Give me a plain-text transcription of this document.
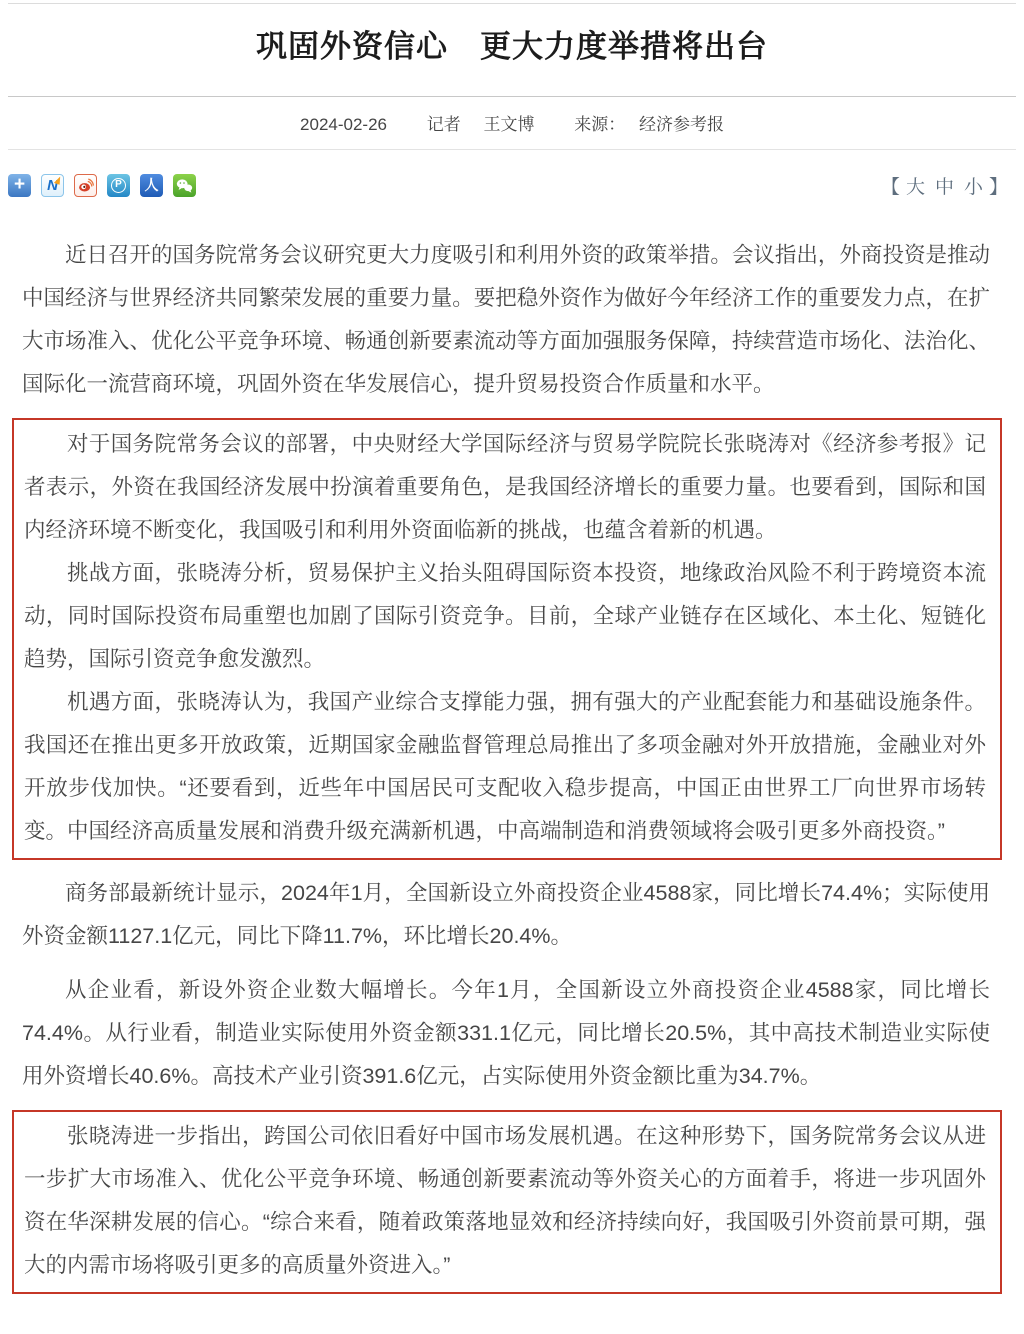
巩固外资信心　更大力度举措将出台
2024-02-26 记者 王文博 来源： 经济参考报
+ N	P 人	【 大 中 小 】

近日召开的国务院常务会议研究更大力度吸引和利用外资的政策举措。会议指出，外商投资是推动中国经济与世界经济共同繁荣发展的重要力量。要把稳外资作为做好今年经济工作的重要发力点，在扩大市场准入、优化公平竞争环境、畅通创新要素流动等方面加强服务保障，持续营造市场化、法治化、国际化一流营商环境，巩固外资在华发展信心，提升贸易投资合作质量和水平。

对于国务院常务会议的部署，中央财经大学国际经济与贸易学院院长张晓涛对《经济参考报》记者表示，外资在我国经济发展中扮演着重要角色，是我国经济增长的重要力量。也要看到，国际和国内经济环境不断变化，我国吸引和利用外资面临新的挑战，也蕴含着新的机遇。

挑战方面，张晓涛分析，贸易保护主义抬头阻碍国际资本投资，地缘政治风险不利于跨境资本流动，同时国际投资布局重塑也加剧了国际引资竞争。目前，全球产业链存在区域化、本土化、短链化趋势，国际引资竞争愈发激烈。

机遇方面，张晓涛认为，我国产业综合支撑能力强，拥有强大的产业配套能力和基础设施条件。我国还在推出更多开放政策，近期国家金融监督管理总局推出了多项金融对外开放措施，金融业对外开放步伐加快。“还要看到，近些年中国居民可支配收入稳步提高，中国正由世界工厂向世界市场转变。中国经济高质量发展和消费升级充满新机遇，中高端制造和消费领域将会吸引更多外商投资。”

商务部最新统计显示，2024年1月，全国新设立外商投资企业4588家，同比增长74.4%；实际使用外资金额1127.1亿元，同比下降11.7%，环比增长20.4%。

从企业看，新设外资企业数大幅增长。今年1月，全国新设立外商投资企业4588家，同比增长74.4%。从行业看，制造业实际使用外资金额331.1亿元，同比增长20.5%，其中高技术制造业实际使用外资增长40.6%。高技术产业引资391.6亿元，占实际使用外资金额比重为34.7%。

张晓涛进一步指出，跨国公司依旧看好中国市场发展机遇。在这种形势下，国务院常务会议从进一步扩大市场准入、优化公平竞争环境、畅通创新要素流动等外资关心的方面着手，将进一步巩固外资在华深耕发展的信心。“综合来看，随着政策落地显效和经济持续向好，我国吸引外资前景可期，强大的内需市场将吸引更多的高质量外资进入。”
